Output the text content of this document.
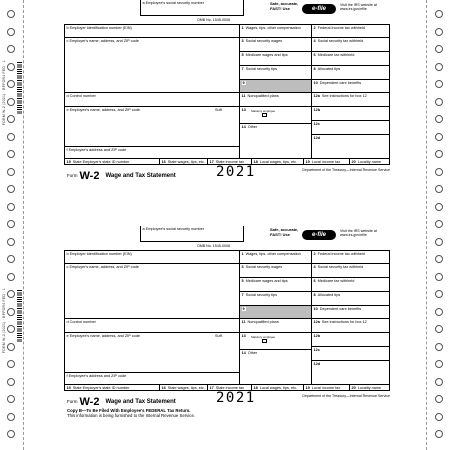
FORM W-2 (2021) · BPFOR4 FED · 1
FORM W-2 (2021) · BPFOR4 FED · 1
a Employee's social security number	Safe, accurate,
FAST! Use	e-file
Visit the IRS website at
www.irs.gov/efile
OMB No. 1545-0008
b Employer identification number (EIN)
c Employer's name, address, and ZIP code
d Control number
e Employee's name, address, and ZIP code	Suff.
f Employee's address and ZIP code
1 Wages, tips, other compensation	2 Federal income tax withheld
3 Social security wages	4 Social security tax withheld
5 Medicare wages and tips	6 Medicare tax withheld
7 Social security tips	8 Allocated tips
9	10 Dependent care benefits
11 Nonqualified plans	12a See instructions for box 12
13 Statutory employee	12b
14 Other
12c
12d
15 State Employer's state ID number	16 State wages, tips, etc.	17 State income tax	18 Local wages, tips, etc.	19 Local income tax	20 Locality name
Form W-2 Wage and Tax Statement	2021	Department of the Treasury—Internal Revenue Service
a Employee's social security number	Safe, accurate,
FAST! Use	e-file
Visit the IRS website at
www.irs.gov/efile
OMB No. 1545-0008
b Employer identification number (EIN)
c Employer's name, address, and ZIP code
d Control number
e Employee's name, address, and ZIP code	Suff.
f Employee's address and ZIP code
1 Wages, tips, other compensation	2 Federal income tax withheld
3 Social security wages	4 Social security tax withheld
5 Medicare wages and tips	6 Medicare tax withheld
7 Social security tips	8 Allocated tips
9	10 Dependent care benefits
11 Nonqualified plans	12a See instructions for box 12
13 Statutory employee	12b
14 Other
12c
12d
15 State Employer's state ID number	16 State wages, tips, etc.	17 State income tax	18 Local wages, tips, etc.	19 Local income tax	20 Locality name
Form W-2 Wage and Tax Statement	2021	Department of the Treasury—Internal Revenue Service
Copy B—To Be Filed With Employee's FEDERAL Tax Return.
This information is being furnished to the Internal Revenue Service.
